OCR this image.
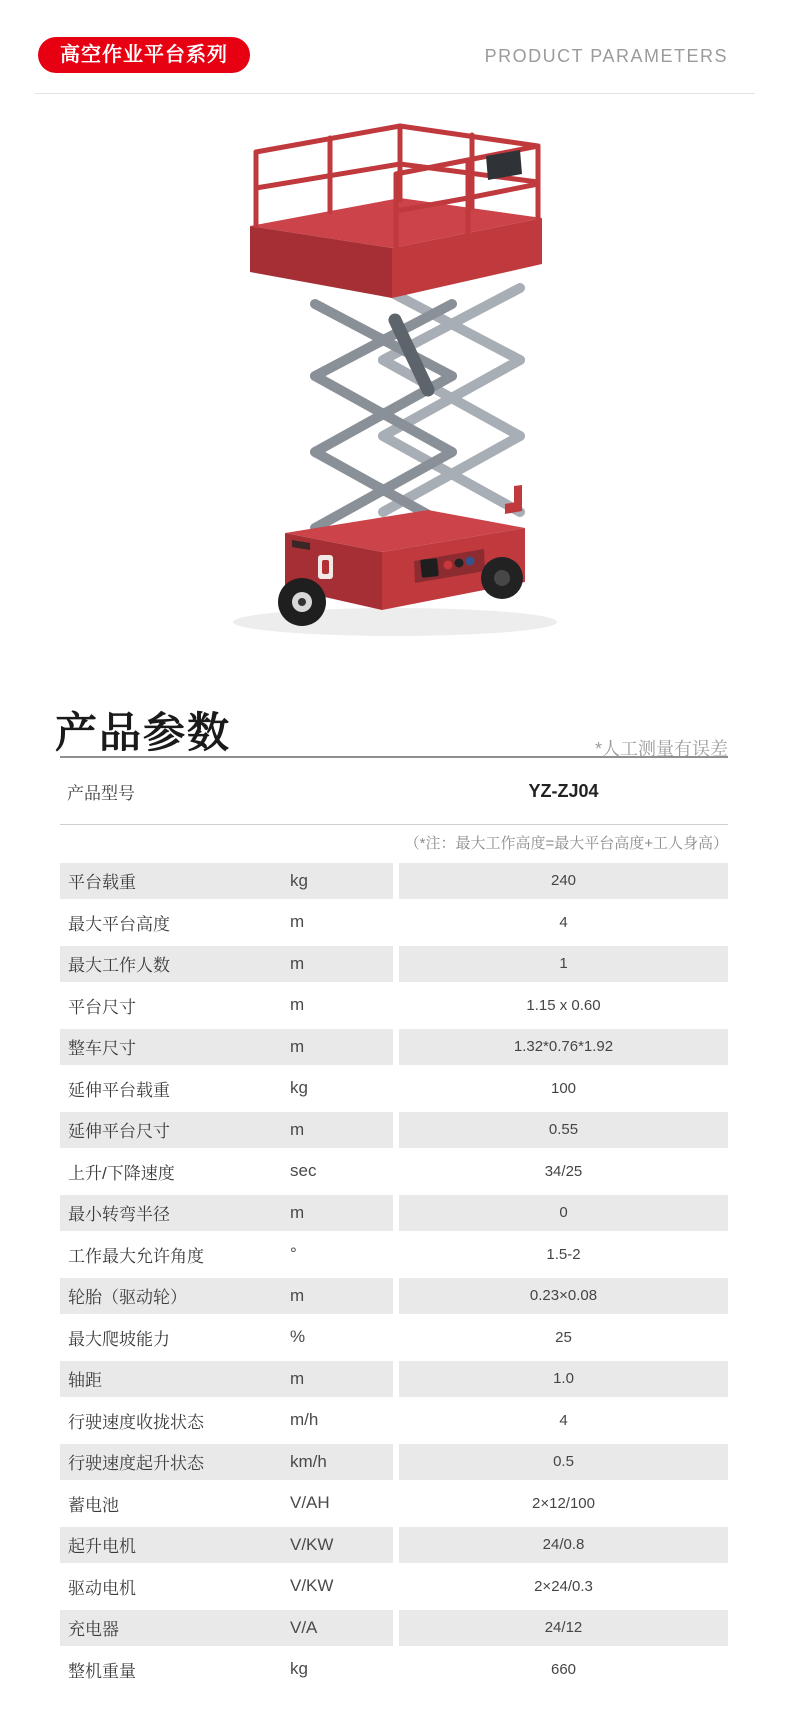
高空作业平台系列	PRODUCT PARAMETERS
产品参数	*人工测量有误差
产品型号	YZ-ZJ04
（*注：最大工作高度=最大平台高度+工人身高）
平台载重	kg	240
最大平台高度	m	4
最大工作人数	m	1
平台尺寸	m	1.15 x 0.60
整车尺寸	m	1.32*0.76*1.92
延伸平台载重	kg	100
延伸平台尺寸	m	0.55
上升/下降速度	sec	34/25
最小转弯半径	m	0
工作最大允许角度	°	1.5-2
轮胎（驱动轮）	m	0.23×0.08
最大爬坡能力	%	25
轴距	m	1.0
行驶速度收拢状态	m/h	4
行驶速度起升状态	km/h	0.5
蓄电池	V/AH	2×12/100
起升电机	V/KW	24/0.8
驱动电机	V/KW	2×24/0.3
充电器	V/A	24/12
整机重量	kg	660
